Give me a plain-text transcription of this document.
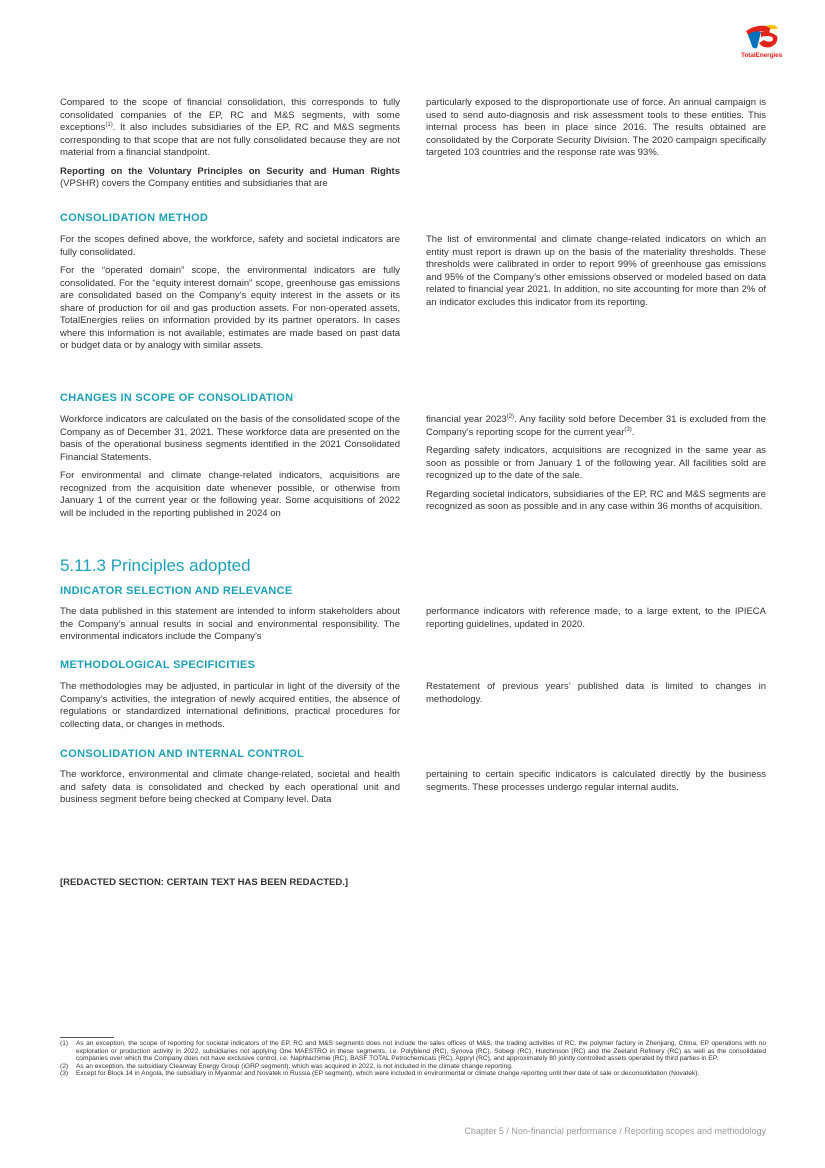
TotalEnergies

Compared to the scope of financial consolidation, this corresponds to fully consolidated companies of the EP, RC and M&S segments, with some exceptions$^{(1)}$. It also includes subsidiaries of the EP, RC and M&S segments corresponding to that scope that are not fully consolidated because they are not material from a financial standpoint.

Reporting on the Voluntary Principles on Security and Human Rights (VPSHR) covers the Company entities and subsidiaries that are

particularly exposed to the disproportionate use of force. An annual campaign is used to send auto-diagnosis and risk assessment tools to these entities. This internal process has been in place since 2016. The results obtained are consolidated by the Corporate Security Division. The 2020 campaign specifically targeted 103 countries and the response rate was 93%.

CONSOLIDATION METHOD

For the scopes defined above, the workforce, safety and societal indicators are fully consolidated.

For the “operated domain” scope, the environmental indicators are fully consolidated. For the “equity interest domain” scope, greenhouse gas emissions are consolidated based on the Company’s equity interest in the assets or its share of production for oil and gas production assets. For non-operated assets, TotalEnergies relies on information provided by its partner operators. In cases where this information is not available, estimates are made based on past data or budget data or by analogy with similar assets.

The list of environmental and climate change-related indicators on which an entity must report is drawn up on the basis of the materiality thresholds. These thresholds were calibrated in order to report 99% of greenhouse gas emissions and 95% of the Company’s other emissions observed or modeled based on data related to financial year 2021. In addition, no site accounting for more than 2% of an indicator excludes this indicator from its reporting.

CHANGES IN SCOPE OF CONSOLIDATION

Workforce indicators are calculated on the basis of the consolidated scope of the Company as of December 31, 2021. These workforce data are presented on the basis of the operational business segments identified in the 2021 Consolidated Financial Statements.

For environmental and climate change-related indicators, acquisitions are recognized from the acquisition date whenever possible, or otherwise from January 1 of the current year or the following year. Some acquisitions of 2022 will be included in the reporting published in 2024 on

financial year 2023$^{(2)}$. Any facility sold before December 31 is excluded from the Company’s reporting scope for the current year$^{(3)}$.

Regarding safety indicators, acquisitions are recognized in the same year as soon as possible or from January 1 of the following year. All facilities sold are recognized up to the date of the sale.

Regarding societal indicators, subsidiaries of the EP, RC and M&S segments are recognized as soon as possible and in any case within 36 months of acquisition.

5.11.3 Principles adopted
INDICATOR SELECTION AND RELEVANCE

The data published in this statement are intended to inform stakeholders about the Company’s annual results in social and environmental responsibility. The environmental indicators include the Company’s

performance indicators with reference made, to a large extent, to the IPIECA reporting guidelines, updated in 2020.

METHODOLOGICAL SPECIFICITIES

The methodologies may be adjusted, in particular in light of the diversity of the Company’s activities, the integration of newly acquired entities, the absence of regulations or standardized international definitions, practical procedures for collecting data, or changes in methods.

Restatement of previous years’ published data is limited to changes in methodology.

CONSOLIDATION AND INTERNAL CONTROL

The workforce, environmental and climate change-related, societal and health and safety data is consolidated and checked by each operational unit and business segment before being checked at Company level. Data

pertaining to certain specific indicators is calculated directly by the business segments. These processes undergo regular internal audits.

[REDACTED SECTION: CERTAIN TEXT HAS BEEN REDACTED.]
(1)	As an exception, the scope of reporting for societal indicators of the EP, RC and M&S segments does not include the sales offices of M&S, the trading activities of RC, the polymer factory in Zhenjiang, China, EP operations with no exploration or production activity in 2022, subsidiaries not applying One MAESTRO in these segments, i.e. Polyblend (RC), Synova (RC), Sobegi (RC), Hutchinson (RC) and the Zeeland Refinery (RC) as well as the consolidated companies over which the Company does not have exclusive control, i.e. Naphtachimie (RC), BASF TOTAL Petrochemicals (RC), Appryl (RC), and approximately 80 jointly controlled assets operated by third parties in EP.
(2)	As an exception, the subsidiary Clearway Energy Group (iGRP segment), which was acquired in 2022, is not included in the climate change reporting.
(3)	Except for Block 14 in Angola, the subsidiary in Myanmar and Novatek in Russia (EP segment), which were included in environmental or climate change reporting until their date of sale or deconsolidation (Novatek).
Chapter 5 / Non-financial performance / Reporting scopes and methodology
